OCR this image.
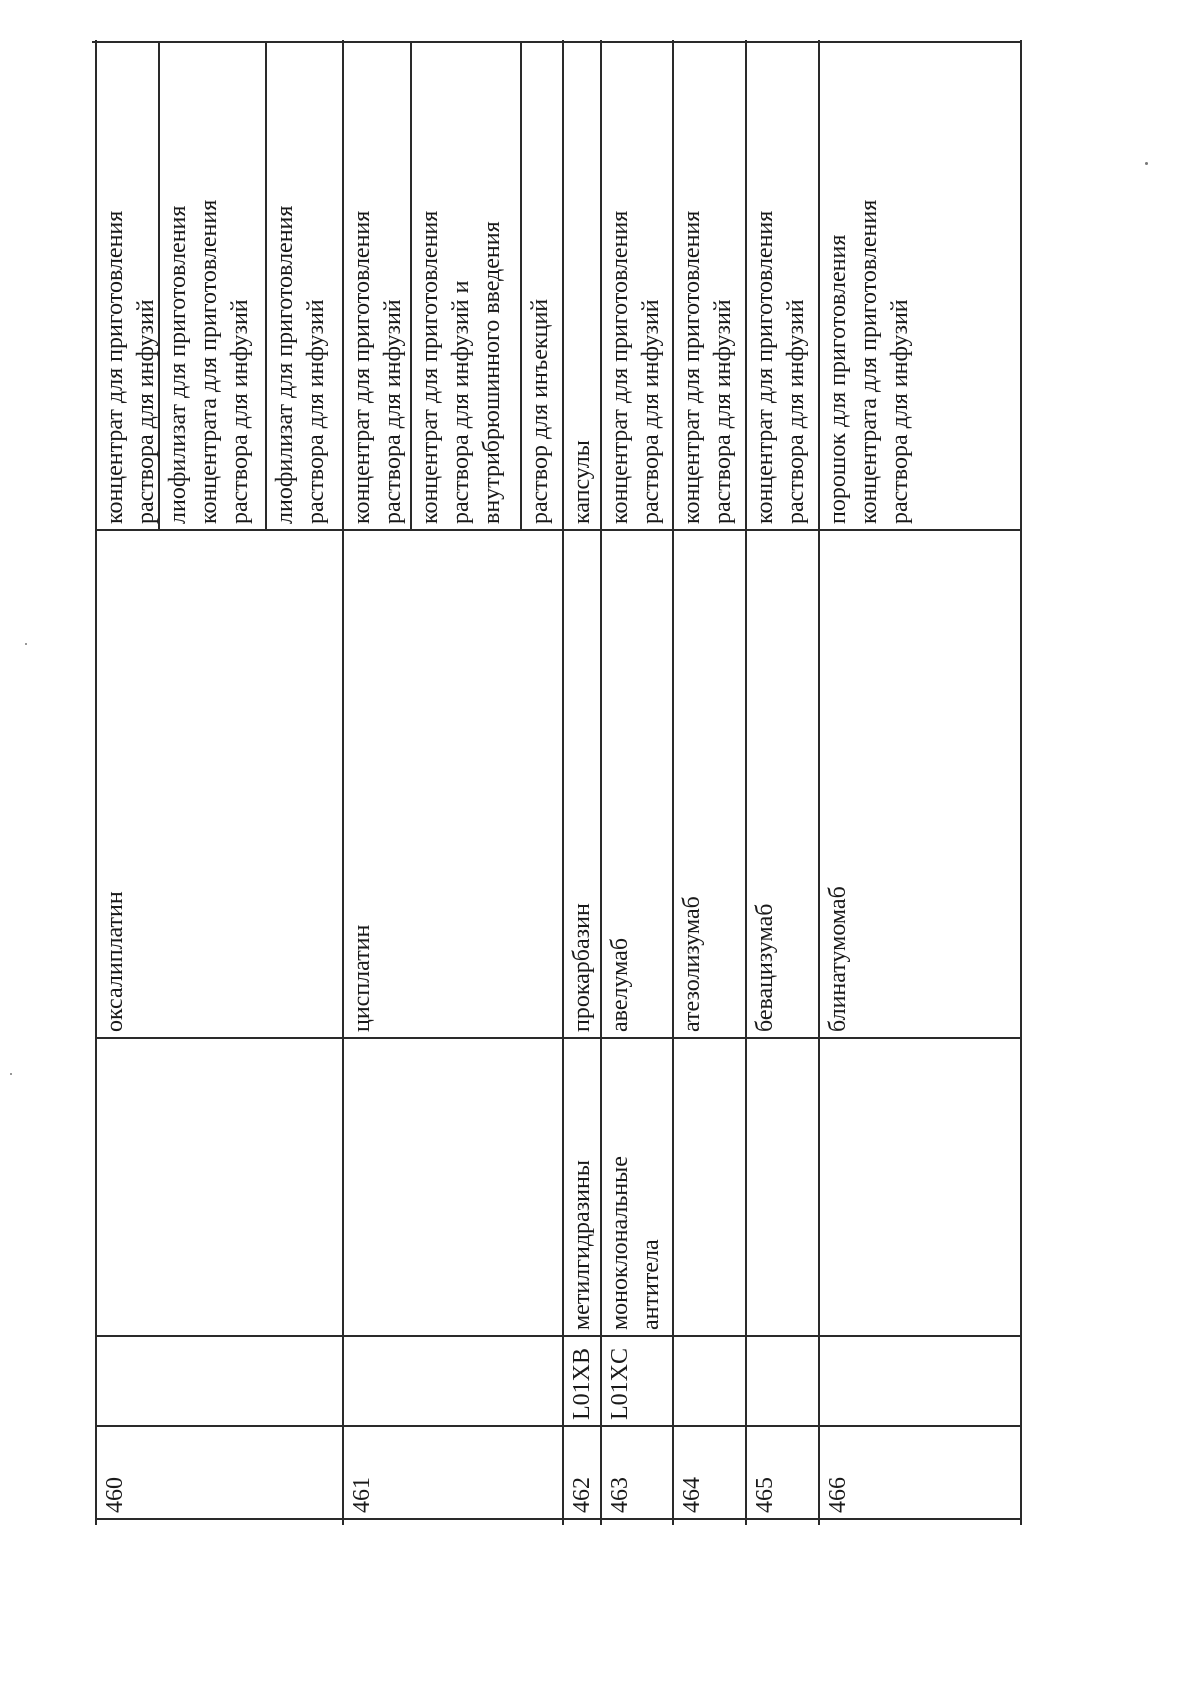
460
оксалиплатин
концентрат для приготовления раствора для инфузий лиофилизат для приготовления концентрата для приготовления раствора для инфузий лиофилизат для приготовления раствора для инфузий
461
цисплатин
концентрат для приготовления раствора для инфузий концентрат для приготовления раствора для инфузий и внутрибрюшинного введения раствор для инъекций
462
L01XB
метилгидразины
прокарбазин
капсулы
463
L01XC
моноклональные антитела
авелумаб
концентрат для приготовления раствора для инфузий
464
атезолизумаб
концентрат для приготовления раствора для инфузий
465
бевацизумаб
концентрат для приготовления раствора для инфузий
466
блинатумомаб
порошок для приготовления концентрата для приготовления раствора для инфузий
